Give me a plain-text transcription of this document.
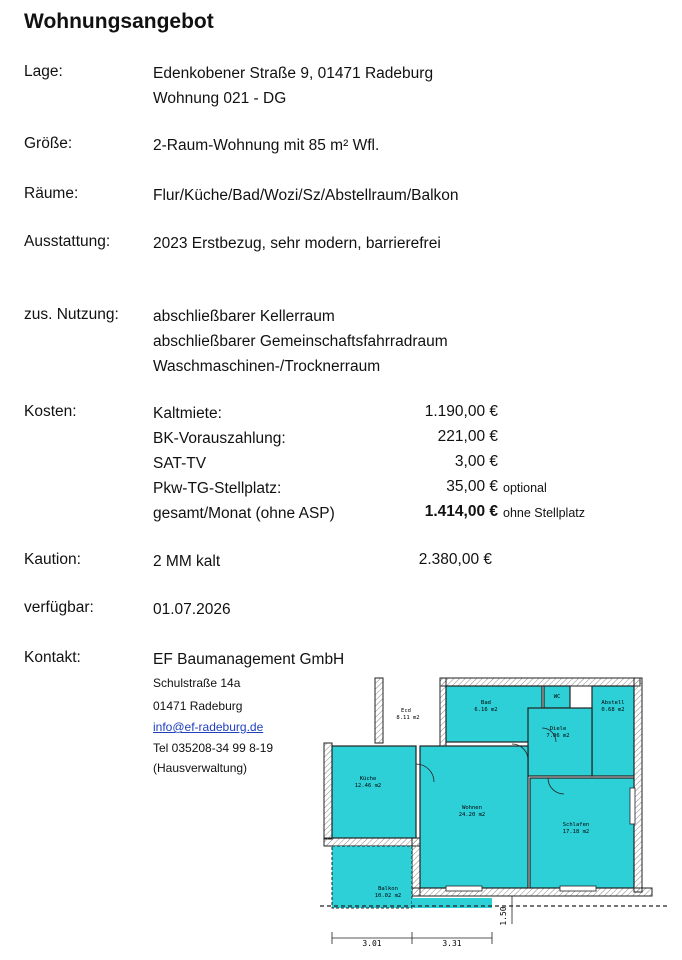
Wohnungsangebot
Lage:	Edenkobener Straße 9, 01471 Radeburg
Wohnung 021 - DG
Größe:	2-Raum-Wohnung mit 85 m² Wfl.
Räume:	Flur/Küche/Bad/Wozi/Sz/Abstellraum/Balkon
Ausstattung:	2023 Erstbezug, sehr modern, barrierefrei
zus. Nutzung: abschließbarer Kellerraum
abschließbarer Gemeinschaftsfahrradraum
Waschmaschinen-/Trocknerraum
Kosten:	Kaltmiete:	1.190,00 €
BK-Vorauszahlung:	221,00 €
SAT-TV	3,00 €
Pkw-TG-Stellplatz:	35,00 € optional
gesamt/Monat (ohne ASP)	1.414,00 € ohne Stellplatz
Kaution:	2 MM kalt	2.380,00 €
verfügbar:	01.07.2026
Kontakt:	EF Baumanagement GmbH
Schulstraße 14a
01471 Radeburg
info@ef-radeburg.de
Tel 035208-34 99 8-19
(Hausverwaltung)
Bad
6.16 m2
WC
Abstell
0.68 m2
Diele
7.06 m2
Küche
12.46 m2
Wohnen
24.20 m2
Schlafen
17.18 m2
Balkon
10.02 m2
Ecd
8.11 m2
3.01	3.31
1.50
